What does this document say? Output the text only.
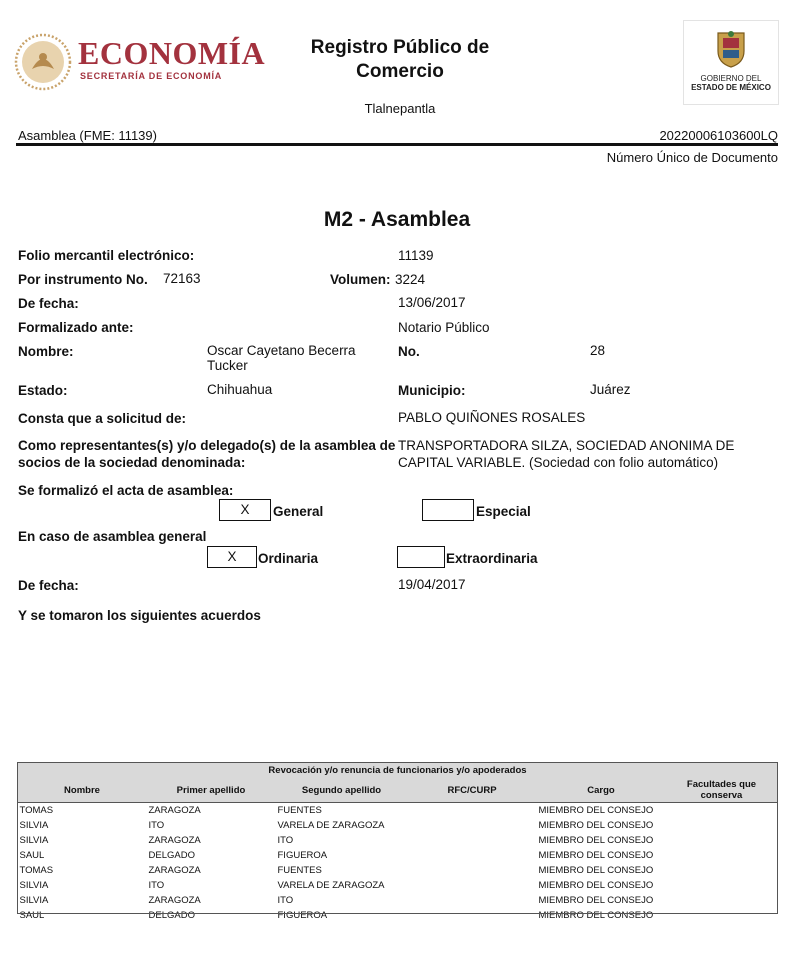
ECONOMÍA
SECRETARÍA DE ECONOMÍA
Registro Público de
Comercio
Tlalnepantla
GOBIERNO DEL
ESTADO DE MÉXICO
Asamblea (FME: 11139)	20220006103600LQ
Número Único de Documento
M2 - Asamblea
Folio mercantil electrónico:	11139
Por instrumento No. 72163	Volumen: 3224
De fecha:	13/06/2017
Formalizado ante:	Notario Público
Nombre:	Oscar Cayetano Becerra
Tucker
No.	28
Estado:	Chihuahua	Municipio:	Juárez
Consta que a solicitud de:	PABLO QUIÑONES ROSALES
Como representantes(s) y/o delegado(s) de la asamblea de
socios de la sociedad denominada:
TRANSPORTADORA SILZA, SOCIEDAD ANONIMA DE
CAPITAL VARIABLE. (Sociedad con folio automático)
Se formalizó el acta de asamblea:
X	General	Especial
En caso de asamblea general
X	Ordinaria	Extraordinaria
De fecha:	19/04/2017
Y se tomaron los siguientes acuerdos
Revocación y/o renuncia de funcionarios y/o apoderados					
Nombre	Primer apellido	Segundo apellido	RFC/CURP	Cargo	Facultades que conserva
TOMAS	ZARAGOZA	FUENTES		MIEMBRO DEL CONSEJO	
SILVIA	ITO	VARELA DE ZARAGOZA		MIEMBRO DEL CONSEJO	
SILVIA	ZARAGOZA	ITO		MIEMBRO DEL CONSEJO	
SAUL	DELGADO	FIGUEROA		MIEMBRO DEL CONSEJO	
TOMAS	ZARAGOZA	FUENTES		MIEMBRO DEL CONSEJO	
SILVIA	ITO	VARELA DE ZARAGOZA		MIEMBRO DEL CONSEJO	
SILVIA	ZARAGOZA	ITO		MIEMBRO DEL CONSEJO	
SAUL	DELGADO	FIGUEROA		MIEMBRO DEL CONSEJO	
